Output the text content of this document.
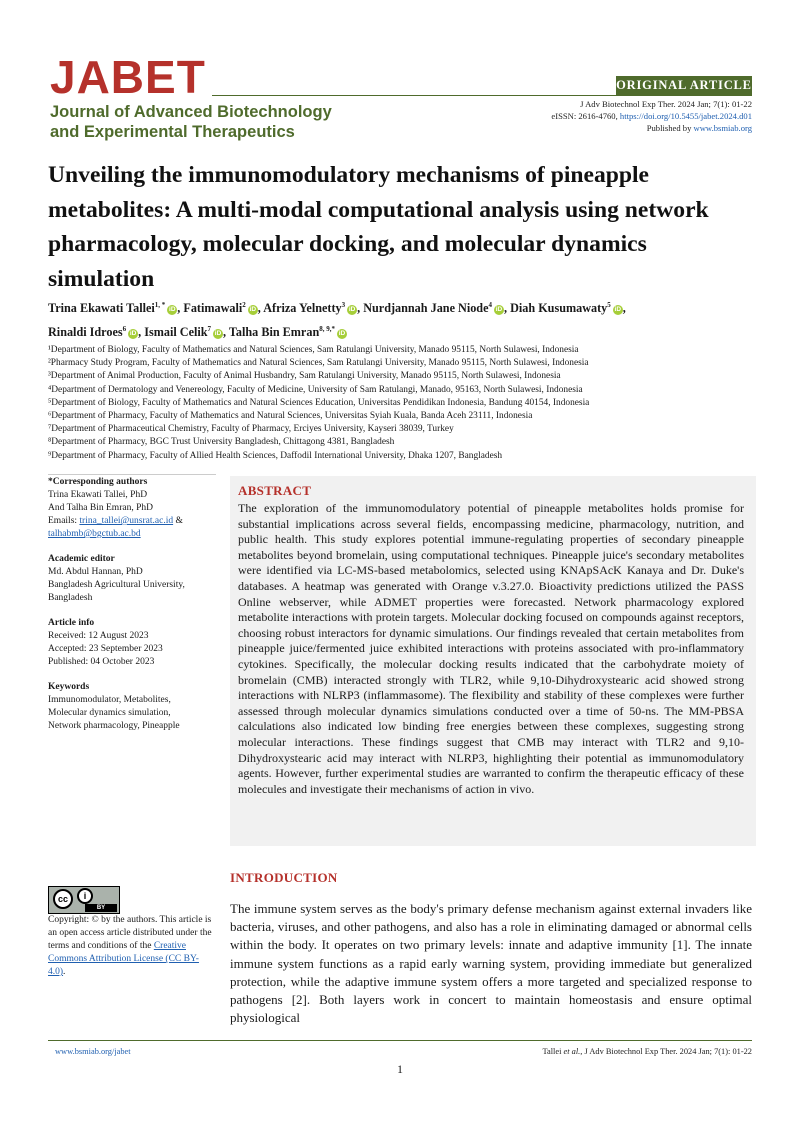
JABET
Journal of Advanced Biotechnology
and Experimental Therapeutics
ORIGINAL ARTICLE
J Adv Biotechnol Exp Ther. 2024 Jan; 7(1): 01-22
eISSN: 2616-4760, https://doi.org/10.5455/jabet.2024.d01
Published by www.bsmiab.org
Unveiling the immunomodulatory mechanisms of pineapple metabolites: A multi-modal computational analysis using network pharmacology, molecular docking, and molecular dynamics simulation
Trina Ekawati Tallei$^{1, *}$iD , Fatimawali$^2$iD , Afriza Yelnetty$^3$iD , Nurdjannah Jane Niode$^4$iD , Diah Kusumawaty$^5$iD ,
Rinaldi Idroes$^6$iD , Ismail Celik$^7$iD , Talha Bin Emran$^{8, 9,*}$iD
¹Department of Biology, Faculty of Mathematics and Natural Sciences, Sam Ratulangi University, Manado 95115, North Sulawesi, Indonesia
²Pharmacy Study Program, Faculty of Mathematics and Natural Sciences, Sam Ratulangi University, Manado 95115, North Sulawesi, Indonesia
³Department of Animal Production, Faculty of Animal Husbandry, Sam Ratulangi University, Manado 95115, North Sulawesi, Indonesia
⁴Department of Dermatology and Venereology, Faculty of Medicine, University of Sam Ratulangi, Manado, 95163, North Sulawesi, Indonesia
⁵Department of Biology, Faculty of Mathematics and Natural Sciences Education, Universitas Pendidikan Indonesia, Bandung 40154, Indonesia
⁶Department of Pharmacy, Faculty of Mathematics and Natural Sciences, Universitas Syiah Kuala, Banda Aceh 23111, Indonesia
⁷Department of Pharmaceutical Chemistry, Faculty of Pharmacy, Erciyes University, Kayseri 38039, Turkey
⁸Department of Pharmacy, BGC Trust University Bangladesh, Chittagong 4381, Bangladesh
⁹Department of Pharmacy, Faculty of Allied Health Sciences, Daffodil International University, Dhaka 1207, Bangladesh
*Corresponding authors
Trina Ekawati Tallei, PhD
And Talha Bin Emran, PhD
Emails: trina_tallei@unsrat.ac.id &
talhabmb@bgctub.ac.bd
Academic editor
Md. Abdul Hannan, PhD
Bangladesh Agricultural University,
Bangladesh
Article info
Received: 12 August 2023
Accepted: 23 September 2023
Published: 04 October 2023
Keywords
Immunomodulator, Metabolites,
Molecular dynamics simulation,
Network pharmacology, Pineapple
ABSTRACT
The exploration of the immunomodulatory potential of pineapple metabolites holds promise for substantial implications across several fields, encompassing medicine, pharmacology, nutrition, and public health. This study explores potential immune-regulating properties of secondary pineapple metabolites beyond bromelain, using computational techniques. Pineapple juice's secondary metabolites were identified via LC-MS-based metabolomics, selected using KNApSAcK Kanaya and Dr. Duke's databases. A heatmap was generated with Orange v.3.27.0. Bioactivity predictions utilized the PASS Online webserver, while ADMET properties were forecasted. Network pharmacology explored metabolite interactions with protein targets. Molecular docking focused on compounds against receptors, choosing robust interactors for dynamic simulations. Our findings revealed that certain metabolites from pineapple juice/fermented juice exhibited interactions with proteins associated with pro-inflammatory cytokines. Specifically, the molecular docking results indicated that the carbohydrate moiety of bromelain (CMB) interacted strongly with TLR2, while 9,10-Dihydroxystearic acid showed strong interactions with NLRP3 (inflammasome). The flexibility and stability of these complexes were further assessed through molecular dynamics simulations conducted over a time of 50-ns. The MM-PBSA calculations also indicated low binding free energies between these complexes, suggesting strong molecular interactions. These findings suggest that CMB may interact with TLR2 and 9,10-Dihydroxystearic acid may interact with NLRP3, highlighting their potential as immunomodulatory agents. However, further experimental studies are warranted to confirm the therapeutic efficacy of these molecules and investigate their mechanisms of action in vivo.
cc	i
BY
Copyright: © by the authors. This article is an open access article distributed under the terms and conditions of the Creative Commons Attribution License (CC BY-4.0).
INTRODUCTION
The immune system serves as the body's primary defense mechanism against external invaders like bacteria, viruses, and other pathogens, and also has a role in eliminating damaged or abnormal cells within the body. It operates on two primary levels: innate and adaptive immunity [1]. The innate immune system functions as a rapid early warning system, providing immediate but generalized protection, while the adaptive immune system offers a more targeted and specialized response to pathogens [2]. Both layers work in concert to maintain homeostasis and ensure optimal physiological
www.bsmiab.org/jabet	Tallei et al., J Adv Biotechnol Exp Ther. 2024 Jan; 7(1): 01-22
1
